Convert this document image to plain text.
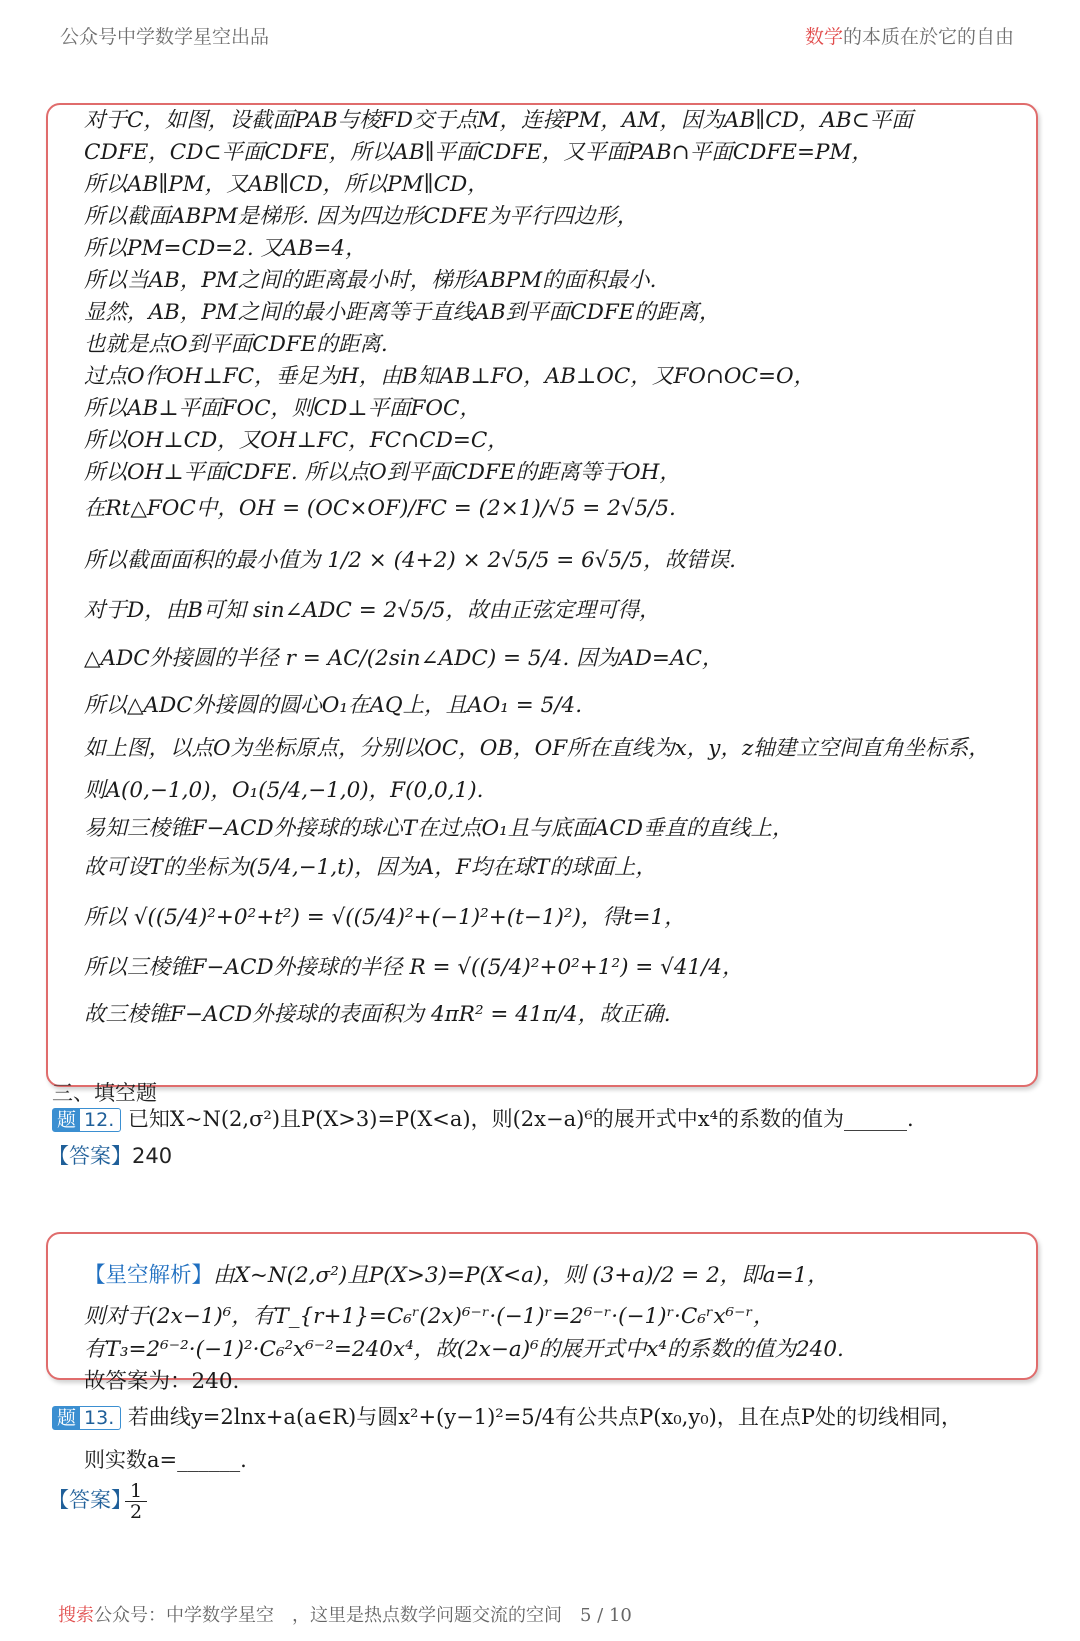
公众号中学数学星空出品	数学的本质在於它的自由
对于C，如图，设截面PAB与棱FD交于点M，连接PM，AM，因为AB∥CD，AB⊂平面
CDFE，CD⊂平面CDFE，所以AB∥平面CDFE，又平面PAB∩平面CDFE=PM，
所以AB∥PM，又AB∥CD，所以PM∥CD，
所以截面ABPM是梯形. 因为四边形CDFE为平行四边形，
所以PM=CD=2. 又AB=4，
所以当AB，PM之间的距离最小时，梯形ABPM的面积最小.
显然，AB，PM之间的最小距离等于直线AB到平面CDFE的距离，
也就是点O到平面CDFE的距离.
过点O作OH⊥FC，垂足为H，由B知AB⊥FO，AB⊥OC，又FO∩OC=O，
所以AB⊥平面FOC，则CD⊥平面FOC，
所以OH⊥CD，又OH⊥FC，FC∩CD=C，
所以OH⊥平面CDFE. 所以点O到平面CDFE的距离等于OH，
在Rt△FOC中，OH = (OC×OF)/FC = (2×1)/√5 = 2√5/5.
所以截面面积的最小值为 1/2 × (4+2) × 2√5/5 = 6√5/5，故错误.
对于D，由B可知 sin∠ADC = 2√5/5，故由正弦定理可得，
△ADC外接圆的半径 r = AC/(2sin∠ADC) = 5/4. 因为AD=AC，
所以△ADC外接圆的圆心O₁在AQ上，且AO₁ = 5/4.
如上图，以点O为坐标原点，分别以OC，OB，OF所在直线为x，y，z轴建立空间直角坐标系，
则A(0,−1,0)，O₁(5/4,−1,0)，F(0,0,1).
易知三棱锥F−ACD外接球的球心T在过点O₁且与底面ACD垂直的直线上，
故可设T的坐标为(5/4,−1,t)，因为A，F均在球T的球面上，
所以 √((5/4)²+0²+t²) = √((5/4)²+(−1)²+(t−1)²)，得t=1，
所以三棱锥F−ACD外接球的半径 R = √((5/4)²+0²+1²) = √41/4，
故三棱锥F−ACD外接球的表面积为 4πR² = 41π/4，故正确.
三、填空题
题 12. 已知X~N(2,σ²)且P(X>3)=P(X<a)，则(2x−a)⁶的展开式中x⁴的系数的值为______.
【答案】240
【星空解析】由X~N(2,σ²)且P(X>3)=P(X<a)，则 (3+a)/2 = 2，即a=1，
则对于(2x−1)⁶，有T_{r+1}=C₆ʳ(2x)⁶⁻ʳ·(−1)ʳ=2⁶⁻ʳ·(−1)ʳ·C₆ʳx⁶⁻ʳ，
有T₃=2⁶⁻²·(−1)²·C₆²x⁶⁻²=240x⁴，故(2x−a)⁶的展开式中x⁴的系数的值为240.
故答案为：240.
题 13. 若曲线y=2lnx+a(a∈R)与圆x²+(y−1)²=5/4有公共点P(x₀,y₀)，且在点P处的切线相同，
则实数a=______.
【答案】
$\frac{1}{2}$
搜索公众号：中学数学星空　，这里是热点数学问题交流的空间　5 / 10
